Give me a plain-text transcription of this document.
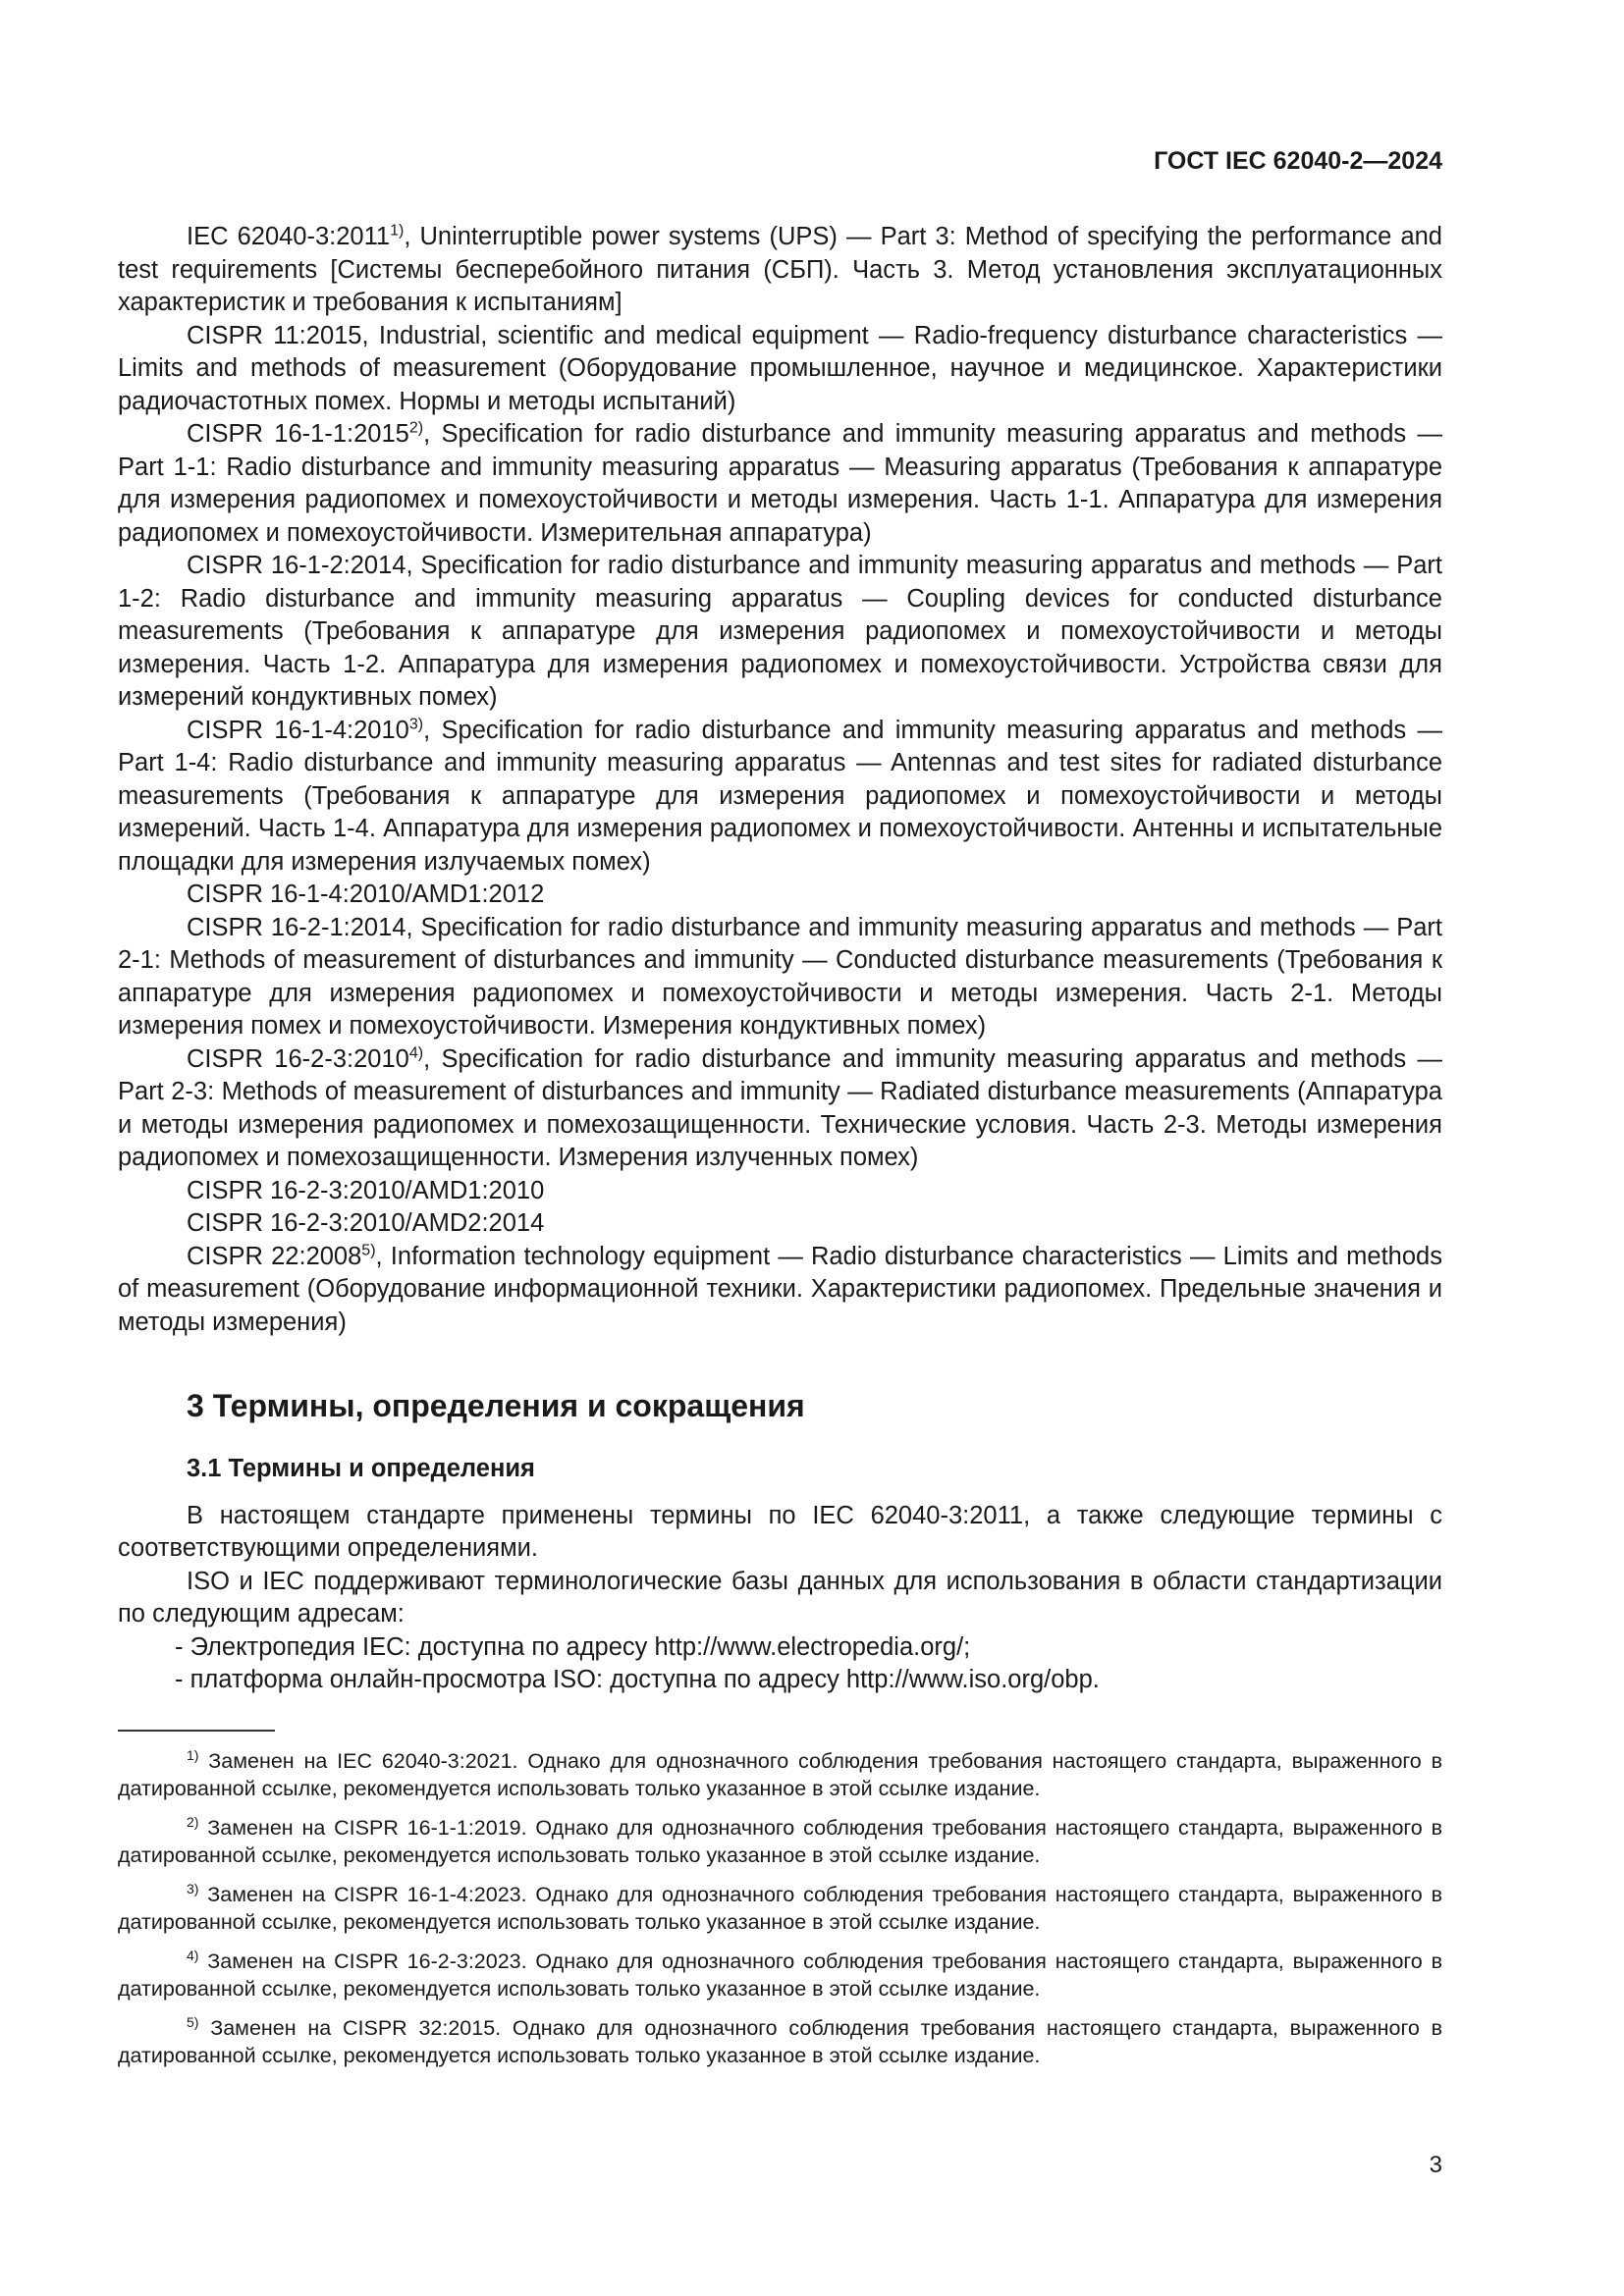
ГОСТ IEC 62040-2—2024

IEC 62040-3:2011$^{1)}$, Uninterruptible power systems (UPS) — Part 3: Method of specifying the performance and test requirements [Системы бесперебойного питания (СБП). Часть 3. Метод установления эксплуатационных характеристик и требования к испытаниям]

CISPR 11:2015, Industrial, scientific and medical equipment — Radio-frequency disturbance characteristics — Limits and methods of measurement (Оборудование промышленное, научное и медицинское. Характеристики радиочастотных помех. Нормы и методы испытаний)

CISPR 16-1-1:2015$^{2)}$, Specification for radio disturbance and immunity measuring apparatus and methods — Part 1-1: Radio disturbance and immunity measuring apparatus — Measuring apparatus (Требования к аппаратуре для измерения радиопомех и помехоустойчивости и методы измерения. Часть 1-1. Аппаратура для измерения радиопомех и помехоустойчивости. Измерительная аппаратура)

CISPR 16-1-2:2014, Specification for radio disturbance and immunity measuring apparatus and methods — Part 1-2: Radio disturbance and immunity measuring apparatus — Coupling devices for conducted disturbance measurements (Требования к аппаратуре для измерения радиопомех и помехоустойчивости и методы измерения. Часть 1-2. Аппаратура для измерения радиопомех и помехоустойчивости. Устройства связи для измерений кондуктивных помех)

CISPR 16-1-4:2010$^{3)}$, Specification for radio disturbance and immunity measuring apparatus and methods — Part 1-4: Radio disturbance and immunity measuring apparatus — Antennas and test sites for radiated disturbance measurements (Требования к аппаратуре для измерения радиопомех и помехоустойчивости и методы измерений. Часть 1-4. Аппаратура для измерения радиопомех и помехоустойчивости. Антенны и испытательные площадки для измерения излучаемых помех)

CISPR 16-1-4:2010/AMD1:2012

CISPR 16-2-1:2014, Specification for radio disturbance and immunity measuring apparatus and methods — Part 2-1: Methods of measurement of disturbances and immunity — Conducted disturbance measurements (Требования к аппаратуре для измерения радиопомех и помехоустойчивости и методы измерения. Часть 2-1. Методы измерения помех и помехоустойчивости. Измерения кондуктивных помех)

CISPR 16-2-3:2010$^{4)}$, Specification for radio disturbance and immunity measuring apparatus and methods — Part 2-3: Methods of measurement of disturbances and immunity — Radiated disturbance measurements (Аппаратура и методы измерения радиопомех и помехозащищенности. Технические условия. Часть 2-3. Методы измерения радиопомех и помехозащищенности. Измерения излученных помех)

CISPR 16-2-3:2010/AMD1:2010

CISPR 16-2-3:2010/AMD2:2014

CISPR 22:2008$^{5)}$, Information technology equipment — Radio disturbance characteristics — Limits and methods of measurement (Оборудование информационной техники. Характеристики радиопомех. Предельные значения и методы измерения)

3 Термины, определения и сокращения
3.1 Термины и определения

В настоящем стандарте применены термины по IEC 62040-3:2011, а также следующие термины с соответствующими определениями.

ISO и IEC поддерживают терминологические базы данных для использования в области стандартизации по следующим адресам:

- Электропедия IEC: доступна по адресу http://www.electropedia.org/;

- платформа онлайн-просмотра ISO: доступна по адресу http://www.iso.org/obp.

$^{1)}$ Заменен на IEC 62040-3:2021. Однако для однозначного соблюдения требования настоящего стандарта, выраженного в датированной ссылке, рекомендуется использовать только указанное в этой ссылке издание.

$^{2)}$ Заменен на CISPR 16-1-1:2019. Однако для однозначного соблюдения требования настоящего стандарта, выраженного в датированной ссылке, рекомендуется использовать только указанное в этой ссылке издание.

$^{3)}$ Заменен на CISPR 16-1-4:2023. Однако для однозначного соблюдения требования настоящего стандарта, выраженного в датированной ссылке, рекомендуется использовать только указанное в этой ссылке издание.

$^{4)}$ Заменен на CISPR 16-2-3:2023. Однако для однозначного соблюдения требования настоящего стандарта, выраженного в датированной ссылке, рекомендуется использовать только указанное в этой ссылке издание.

$^{5)}$ Заменен на CISPR 32:2015. Однако для однозначного соблюдения требования настоящего стандарта, выраженного в датированной ссылке, рекомендуется использовать только указанное в этой ссылке издание.

3
